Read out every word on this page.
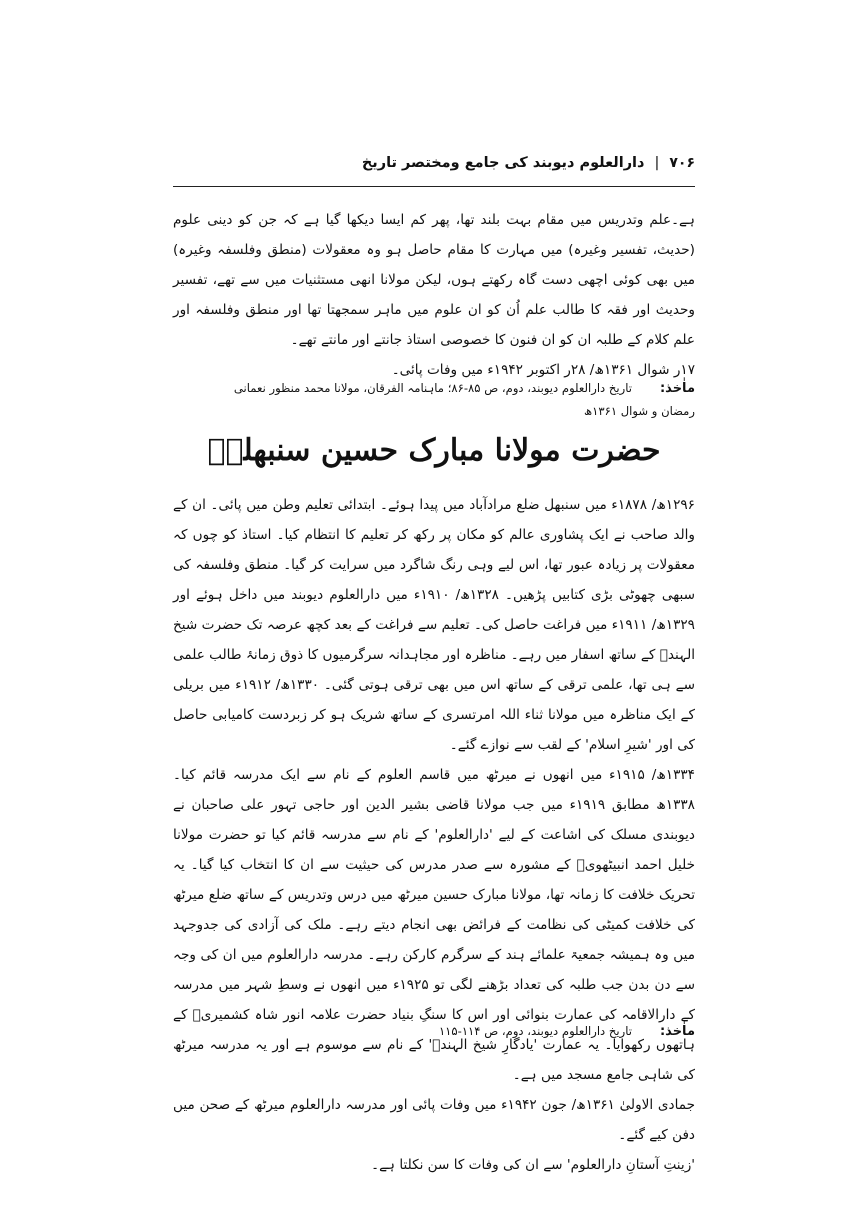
۷۰۶
|
دارالعلوم دیوبند کی جامع ومختصر تاریخ

ہے۔علم وتدریس میں مقام بہت بلند تھا، پھر کم ایسا دیکھا گیا ہے کہ جن کو دینی علوم (حدیث، تفسیر وغیرہ) میں مہارت کا مقام حاصل ہو وہ معقولات (منطق وفلسفہ وغیرہ) میں بھی کوئی اچھی دست گاہ رکھتے ہوں، لیکن مولانا انھی مستثنیات میں سے تھے، تفسیر وحدیث اور فقہ کا طالب علم اُن کو ان علوم میں ماہر سمجھتا تھا اور منطق وفلسفہ اور علم کلام کے طلبہ ان کو ان فنون کا خصوصی استاذ جانتے اور مانتے تھے۔

۱۷ر شوال ۱۳۶۱ھ/ ۲۸ر اکتوبر ۱۹۴۲ء میں وفات پائی۔

ماٰخذ:تاریخ دارالعلوم دیوبند، دوم، ص ۸۵-۸۶؛ ماہنامہ الفرقان، مولانا محمد منظور نعمانی

رمضان و شوال ۱۳۶۱ھ

حضرت مولانا مبارک حسین سنبھلیؒ

۱۲۹۶ھ/ ۱۸۷۸ء میں سنبھل ضلع مرادآباد میں پیدا ہوئے۔ ابتدائی تعلیم وطن میں پائی۔ ان کے والد صاحب نے ایک پشاوری عالم کو مکان پر رکھ کر تعلیم کا انتظام کیا۔ استاذ کو چوں کہ معقولات پر زیادہ عبور تھا، اس لیے وہی رنگ شاگرد میں سرایت کر گیا۔ منطق وفلسفہ کی سبھی چھوٹی بڑی کتابیں پڑھیں۔ ۱۳۲۸ھ/ ۱۹۱۰ء میں دارالعلوم دیوبند میں داخل ہوئے اور ۱۳۲۹ھ/ ۱۹۱۱ء میں فراغت حاصل کی۔ تعلیم سے فراغت کے بعد کچھ عرصہ تک حضرت شیخ الہندؒ کے ساتھ اسفار میں رہے۔ مناظرہ اور مجاہدانہ سرگرمیوں کا ذوق زمانۂ طالب علمی سے ہی تھا، علمی ترقی کے ساتھ اس میں بھی ترقی ہوتی گئی۔ ۱۳۳۰ھ/ ۱۹۱۲ء میں بریلی کے ایک مناظرہ میں مولانا ثناء اللہ امرتسری کے ساتھ شریک ہو کر زبردست کامیابی حاصل کی اور 'شیرِ اسلام' کے لقب سے نوازے گئے۔

۱۳۳۴ھ/ ۱۹۱۵ء میں انھوں نے میرٹھ میں قاسم العلوم کے نام سے ایک مدرسہ قائم کیا۔ ۱۳۳۸ھ مطابق ۱۹۱۹ء میں جب مولانا قاضی بشیر الدین اور حاجی تہور علی صاحبان نے دیوبندی مسلک کی اشاعت کے لیے 'دارالعلوم' کے نام سے مدرسہ قائم کیا تو حضرت مولانا خلیل احمد انبیٹھویؒ کے مشورہ سے صدر مدرس کی حیثیت سے ان کا انتخاب کیا گیا۔ یہ تحریک خلافت کا زمانہ تھا، مولانا مبارک حسین میرٹھ میں درس وتدریس کے ساتھ ضلع میرٹھ کی خلافت کمیٹی کی نظامت کے فرائض بھی انجام دیتے رہے۔ ملک کی آزادی کی جدوجہد میں وہ ہمیشہ جمعیۃ علمائے ہند کے سرگرم کارکن رہے۔ مدرسہ دارالعلوم میں ان کی وجہ سے دن بدن جب طلبہ کی تعداد بڑھنے لگی تو ۱۹۲۵ء میں انھوں نے وسطِ شہر میں مدرسہ کے دارالاقامہ کی عمارت بنوائی اور اس کا سنگِ بنیاد حضرت علامہ انور شاہ کشمیریؒ کے ہاتھوں رکھوایا۔ یہ عمارت 'یادگارِ شیخ الہندؒ' کے نام سے موسوم ہے اور یہ مدرسہ میرٹھ کی شاہی جامع مسجد میں ہے۔

جمادی الاولیٰ ۱۳۶۱ھ/ جون ۱۹۴۲ء میں وفات پائی اور مدرسہ دارالعلوم میرٹھ کے صحن میں دفن کیے گئے۔

'زینتِ آستانِ دارالعلوم' سے ان کی وفات کا سن نکلتا ہے۔

ماٰخذ:تاریخ دارالعلوم دیوبند، دوم، ص ۱۱۴-۱۱۵
